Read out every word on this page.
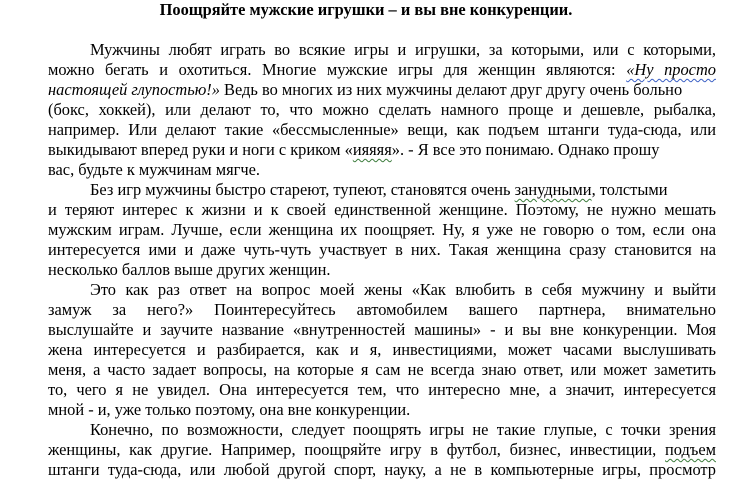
Поощряйте мужские игрушки – и вы вне конкуренции.
Мужчины любят играть во всякие игры и игрушки, за которыми, или с которыми,
можно бегать и охотиться. Многие мужские игры для женщин являются: «Ну просто
настоящей глупостью!» Ведь во многих из них мужчины делают друг другу очень больно
(бокс, хоккей), или делают то, что можно сделать намного проще и дешевле, рыбалка,
например. Или делают такие «бессмысленные» вещи, как подъем штанги туда-сюда, или
выкидывают вперед руки и ноги с криком «ияяяя». - Я все это понимаю. Однако прошу
вас, будьте к мужчинам мягче.
Без игр мужчины быстро стареют, тупеют, становятся очень занудными, толстыми
и теряют интерес к жизни и к своей единственной женщине. Поэтому, не нужно мешать
мужским играм. Лучше, если женщина их поощряет. Ну, я уже не говорю о том, если она
интересуется ими и даже чуть-чуть участвует в них. Такая женщина сразу становится на
несколько баллов выше других женщин.
Это как раз ответ на вопрос моей жены «Как влюбить в себя мужчину и выйти
замуж за него?» Поинтересуйтесь автомобилем вашего партнера, внимательно
выслушайте и заучите название «внутренностей машины» - и вы вне конкуренции. Моя
жена интересуется и разбирается, как и я, инвестициями, может часами выслушивать
меня, а часто задает вопросы, на которые я сам не всегда знаю ответ, или может заметить
то, чего я не увидел. Она интересуется тем, что интересно мне, а значит, интересуется
мной - и, уже только поэтому, она вне конкуренции.
Конечно, по возможности, следует поощрять игры не такие глупые, с точки зрения
женщины, как другие. Например, поощряйте игру в футбол, бизнес, инвестиции, подъем
штанги туда-сюда, или любой другой спорт, науку, а не в компьютерные игры, просмотр
